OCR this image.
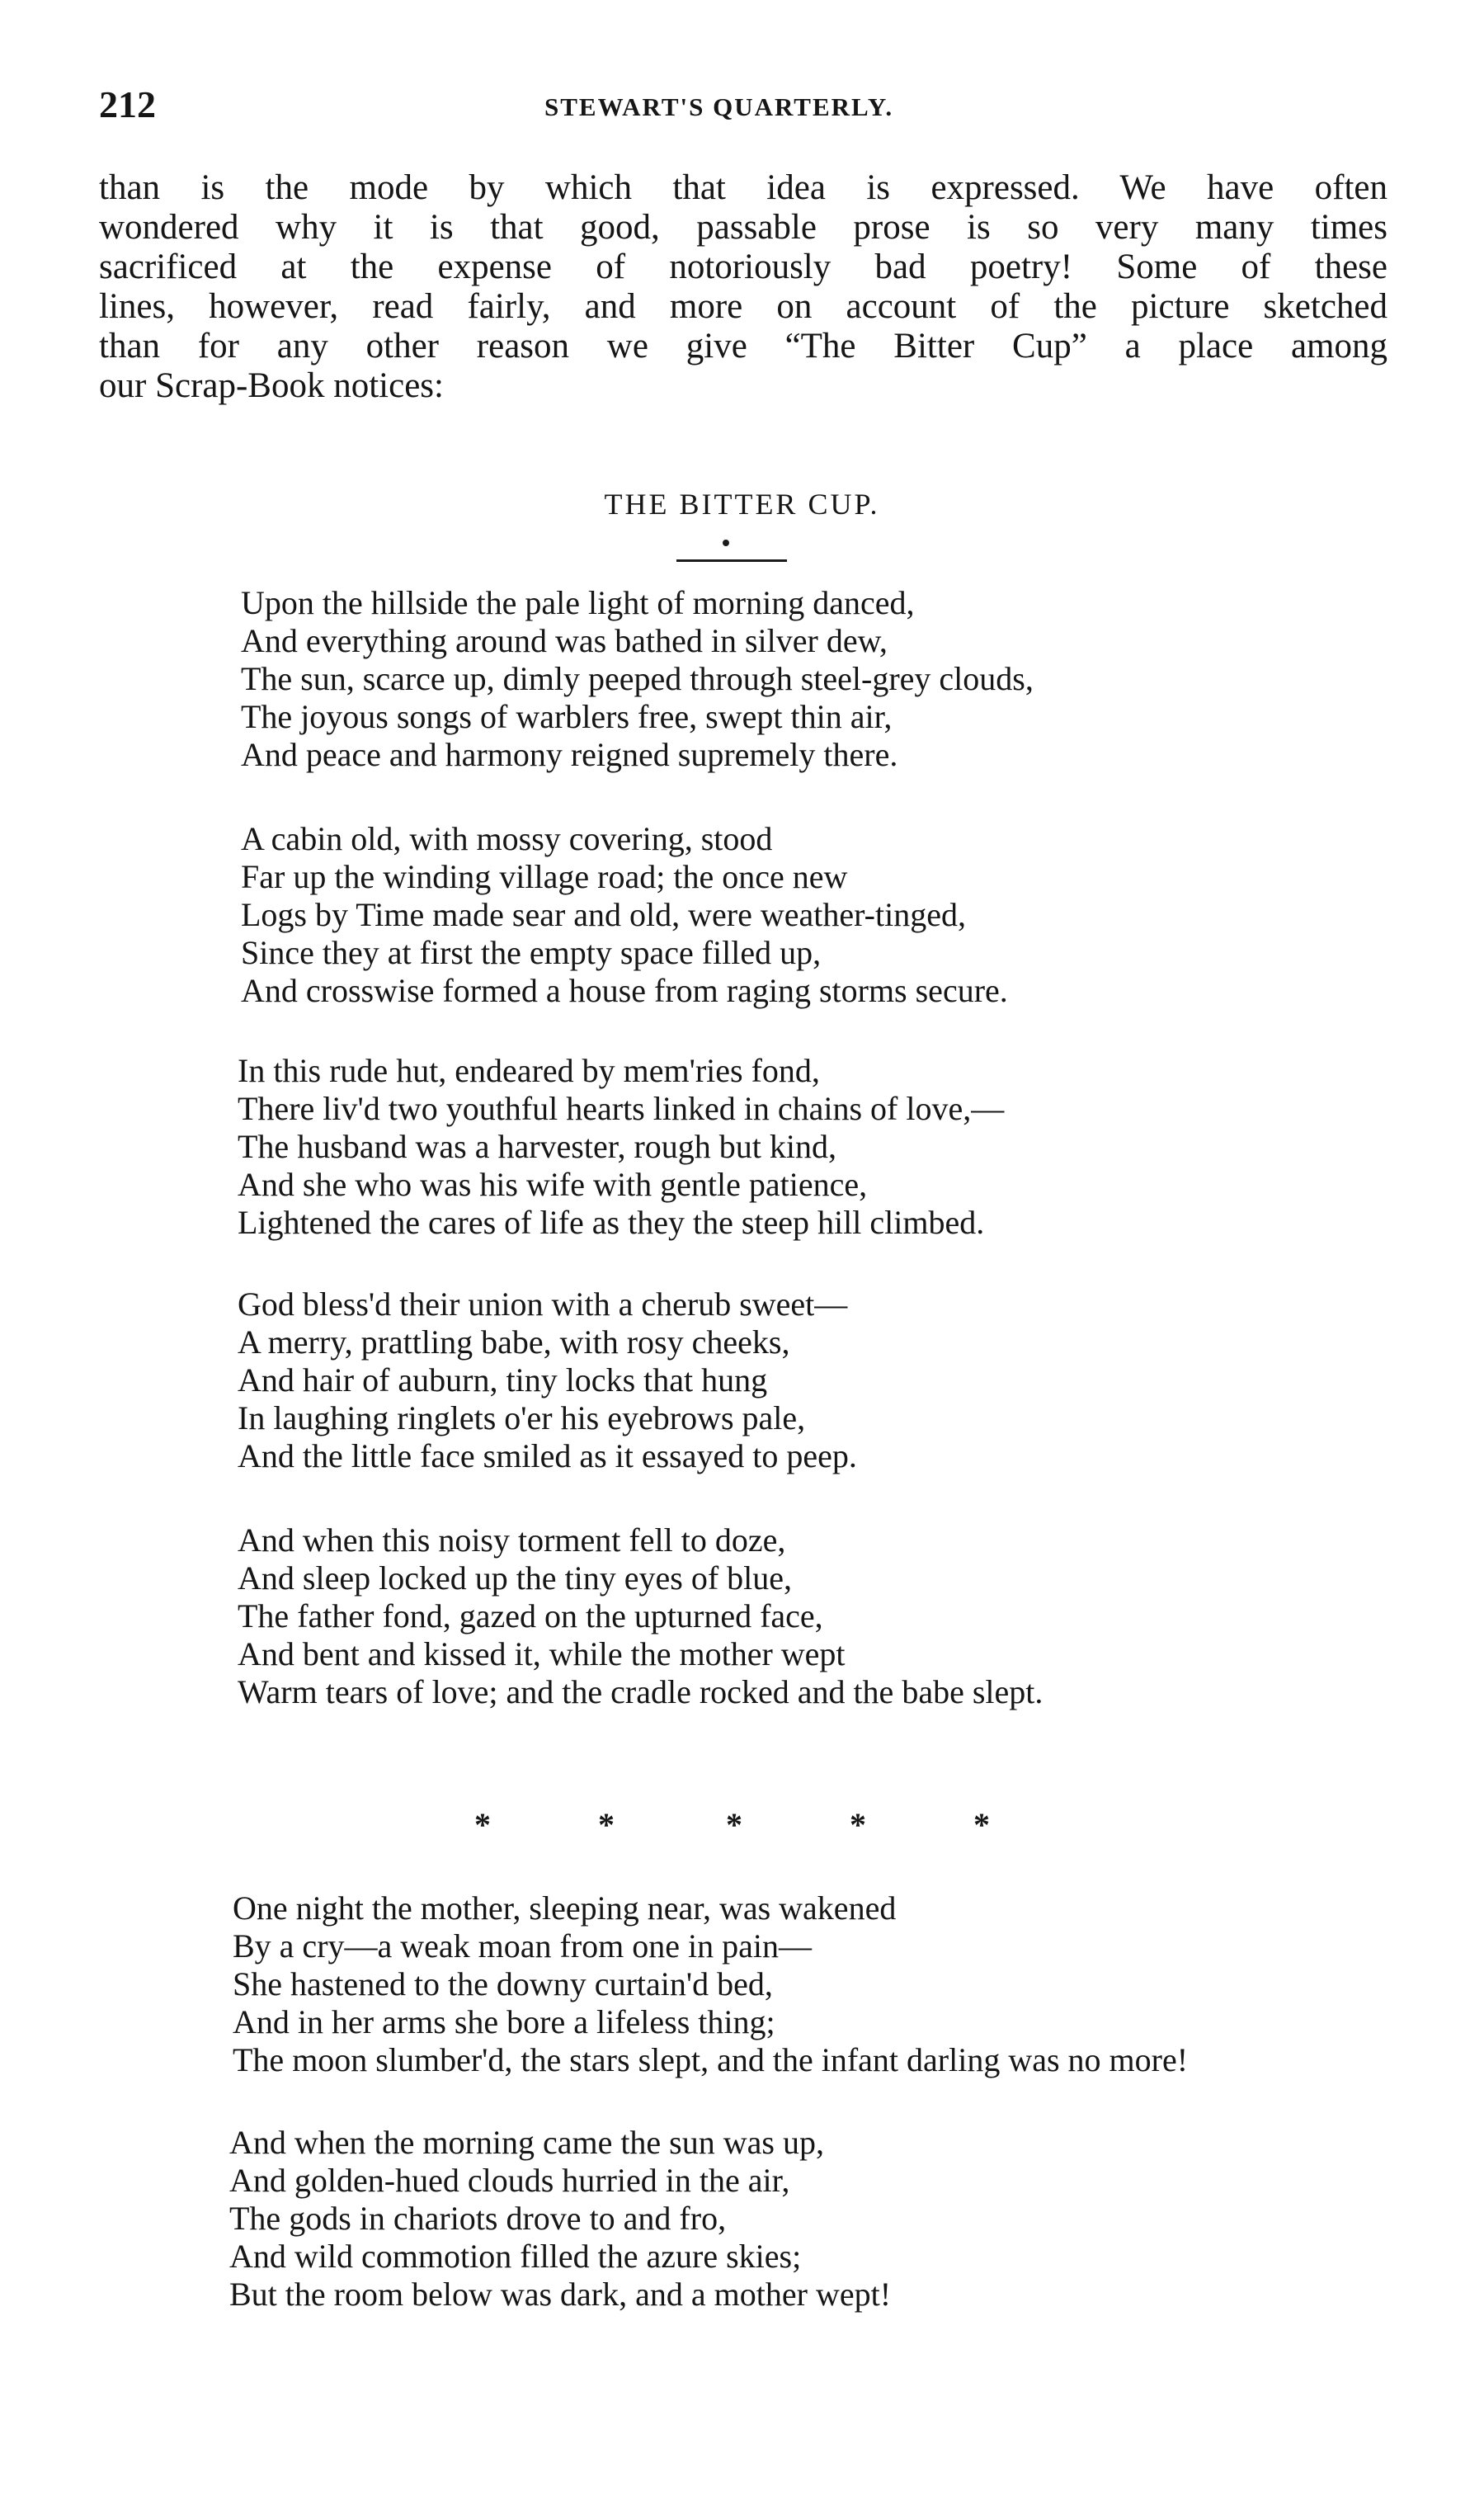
212	STEWART'S QUARTERLY.
than is the mode by which that idea is expressed. We have often
wondered why it is that good, passable prose is so very many times
sacrificed at the expense of notoriously bad poetry! Some of these
lines, however, read fairly, and more on account of the picture sketched
than for any other reason we give “The Bitter Cup” a place among
our Scrap-Book notices:
THE BITTER CUP.
Upon the hillside the pale light of morning danced,
And everything around was bathed in silver dew,
The sun, scarce up, dimly peeped through steel-grey clouds,
The joyous songs of warblers free, swept thin air,
And peace and harmony reigned supremely there.
A cabin old, with mossy covering, stood
Far up the winding village road; the once new
Logs by Time made sear and old, were weather-tinged,
Since they at first the empty space filled up,
And crosswise formed a house from raging storms secure.
In this rude hut, endeared by mem'ries fond,
There liv'd two youthful hearts linked in chains of love,—
The husband was a harvester, rough but kind,
And she who was his wife with gentle patience,
Lightened the cares of life as they the steep hill climbed.
God bless'd their union with a cherub sweet—
A merry, prattling babe, with rosy cheeks,
And hair of auburn, tiny locks that hung
In laughing ringlets o'er his eyebrows pale,
And the little face smiled as it essayed to peep.
And when this noisy torment fell to doze,
And sleep locked up the tiny eyes of blue,
The father fond, gazed on the upturned face,
And bent and kissed it, while the mother wept
Warm tears of love; and the cradle rocked and the babe slept.
*	*	*	*	*
One night the mother, sleeping near, was wakened
By a cry—a weak moan from one in pain—
She hastened to the downy curtain'd bed,
And in her arms she bore a lifeless thing;
The moon slumber'd, the stars slept, and the infant darling was no more!
And when the morning came the sun was up,
And golden-hued clouds hurried in the air,
The gods in chariots drove to and fro,
And wild commotion filled the azure skies;
But the room below was dark, and a mother wept!
